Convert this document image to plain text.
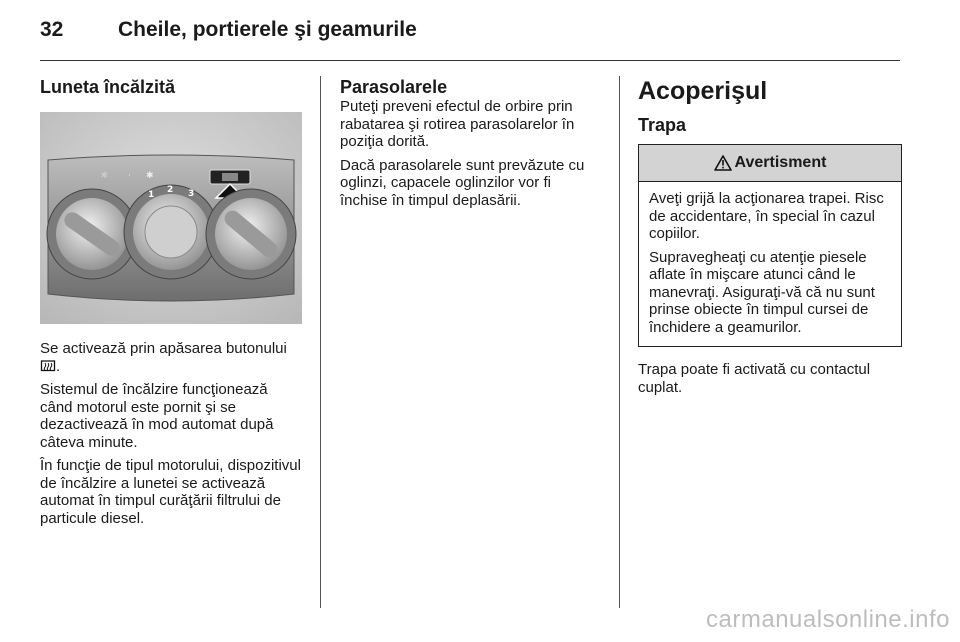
32	Cheile, portierele şi geamurile
Luneta încălzită
☼ · ✱
2 3
1

Se activează prin apăsarea butonului .

Sistemul de încălzire funcţionează când motorul este pornit şi se dezactivează în mod automat după câteva minute.

În funcţie de tipul motorului, dispozitivul de încălzire a lunetei se activează automat în timpul curăţării filtrului de particule diesel.

Parasolarele

Puteţi preveni efectul de orbire prin rabatarea şi rotirea parasolarelor în poziţia dorită.

Dacă parasolarele sunt prevăzute cu oglinzi, capacele oglinzilor vor fi închise în timpul deplasării.

Acoperişul
Trapa
Avertisment

Aveţi grijă la acţionarea trapei. Risc de accidentare, în special în cazul copiilor.

Supravegheaţi cu atenţie piesele aflate în mişcare atunci când le manevraţi. Asiguraţi-vă că nu sunt prinse obiecte în timpul cursei de închidere a geamurilor.

Trapa poate fi activată cu contactul cuplat.

carmanualsonline.info
